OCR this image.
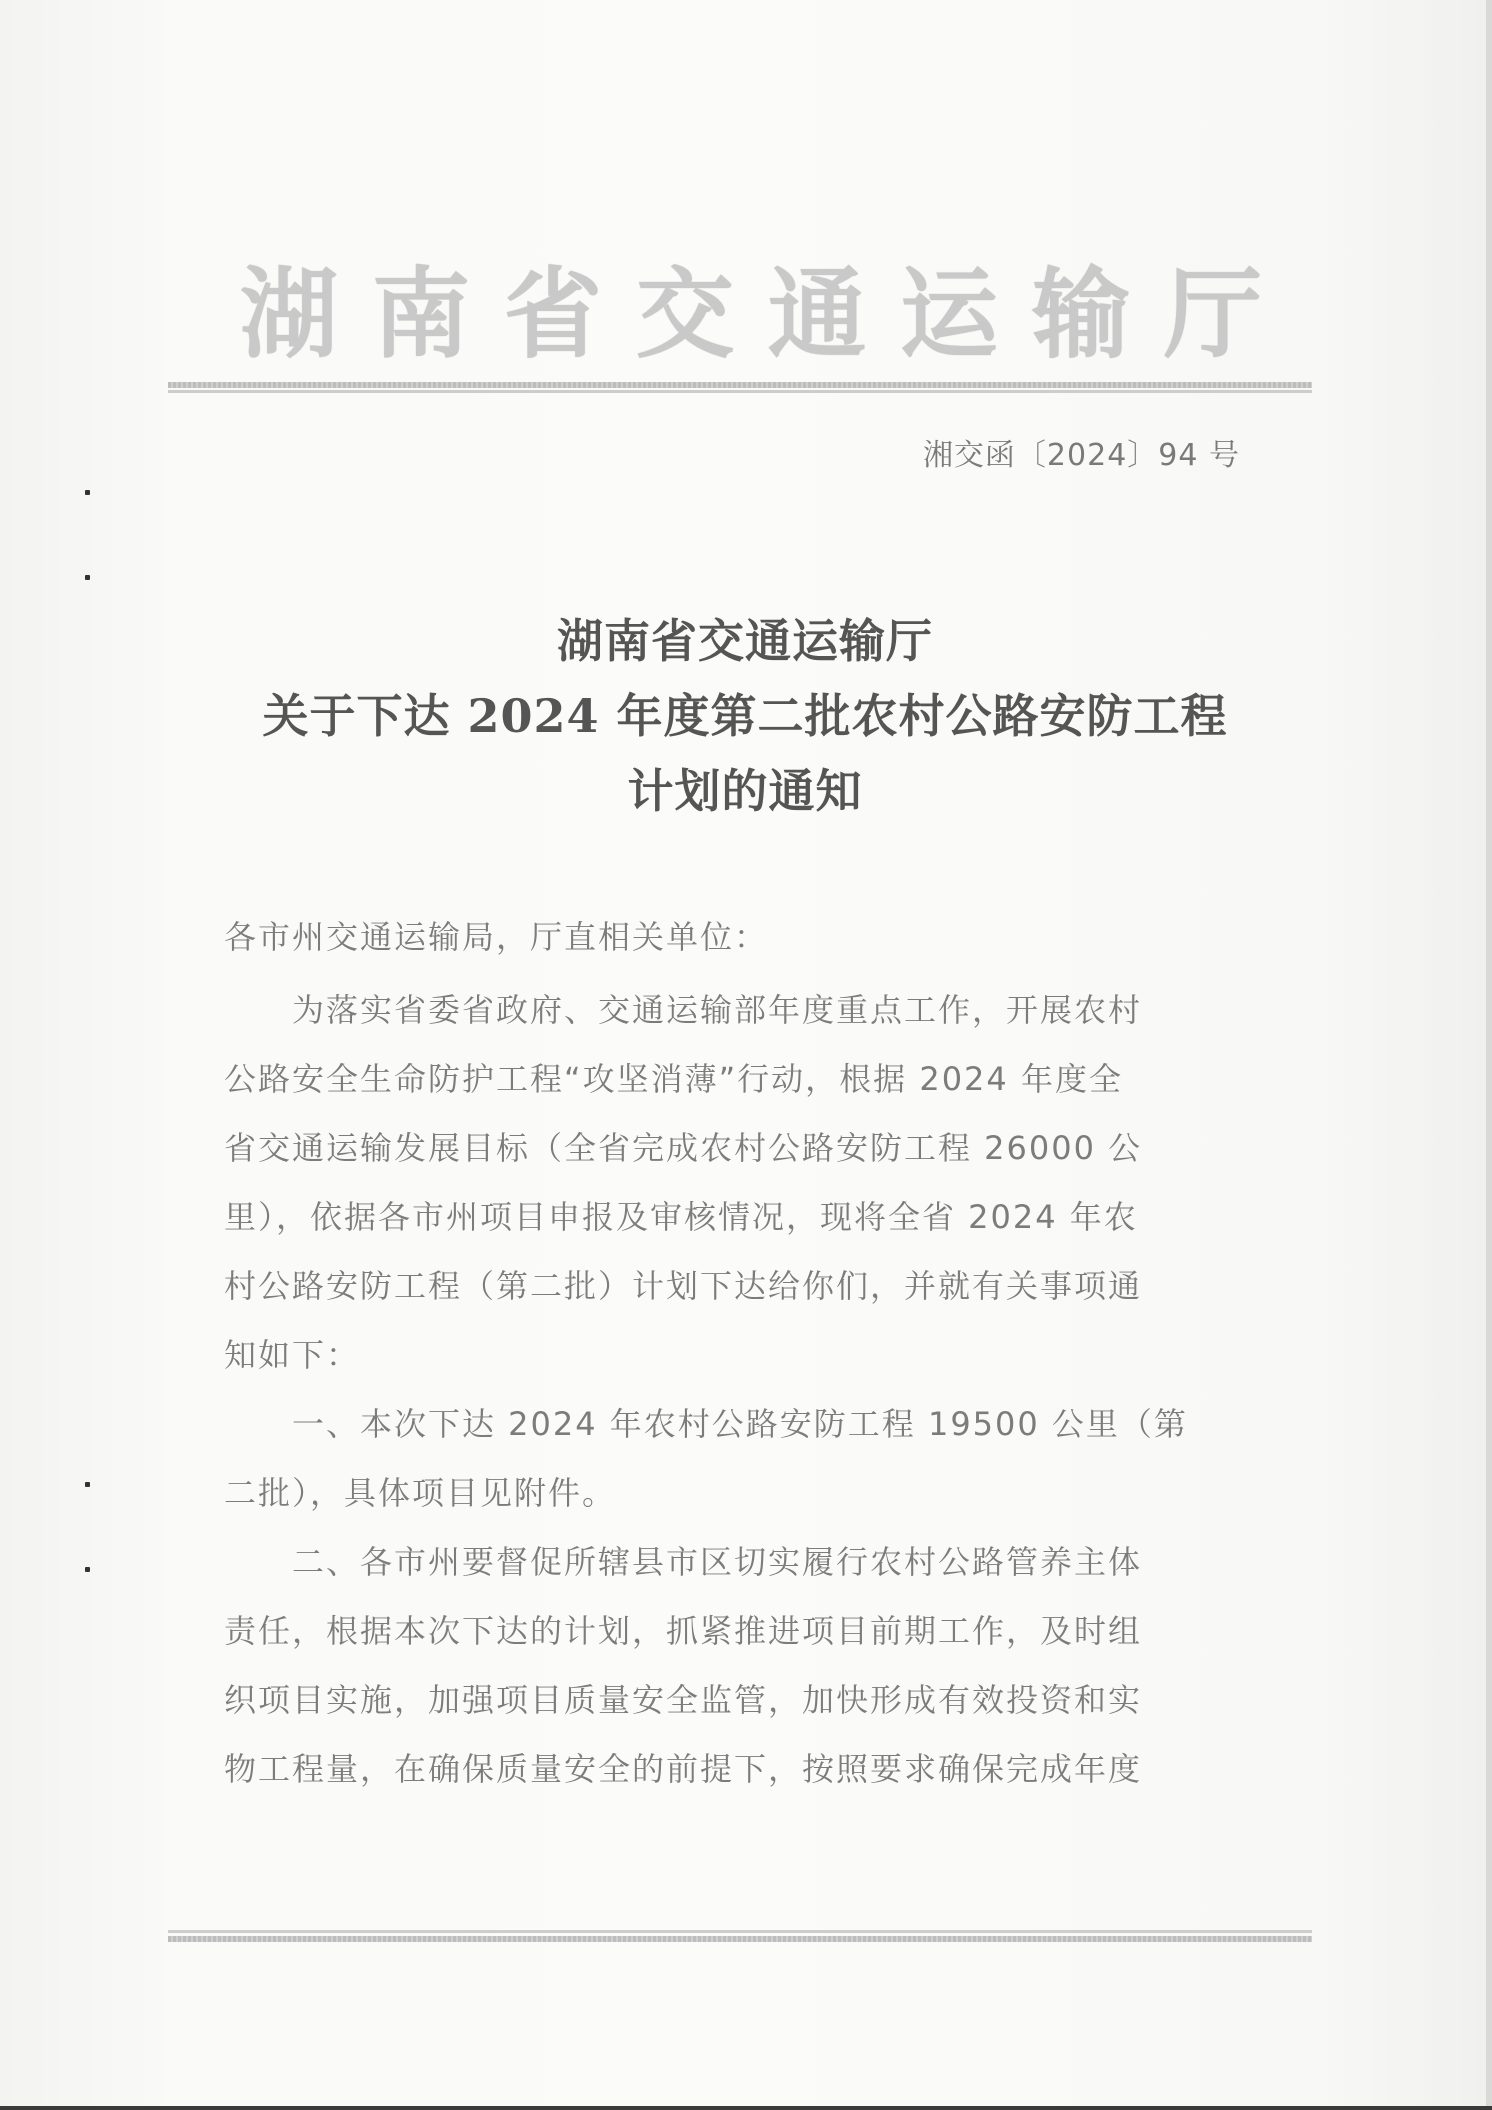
湖南省交通运输厅
湘交函〔2024〕94 号
湖南省交通运输厅
关于下达 2024 年度第二批农村公路安防工程
计划的通知
各市州交通运输局，厅直相关单位：
　　为落实省委省政府、交通运输部年度重点工作，开展农村
公路安全生命防护工程“攻坚消薄”行动，根据 2024 年度全
省交通运输发展目标（全省完成农村公路安防工程 26000 公
里），依据各市州项目申报及审核情况，现将全省 2024 年农
村公路安防工程（第二批）计划下达给你们，并就有关事项通
知如下：
　　一、本次下达 2024 年农村公路安防工程 19500 公里（第
二批），具体项目见附件。
　　二、各市州要督促所辖县市区切实履行农村公路管养主体
责任，根据本次下达的计划，抓紧推进项目前期工作，及时组
织项目实施，加强项目质量安全监管，加快形成有效投资和实
物工程量，在确保质量安全的前提下，按照要求确保完成年度
